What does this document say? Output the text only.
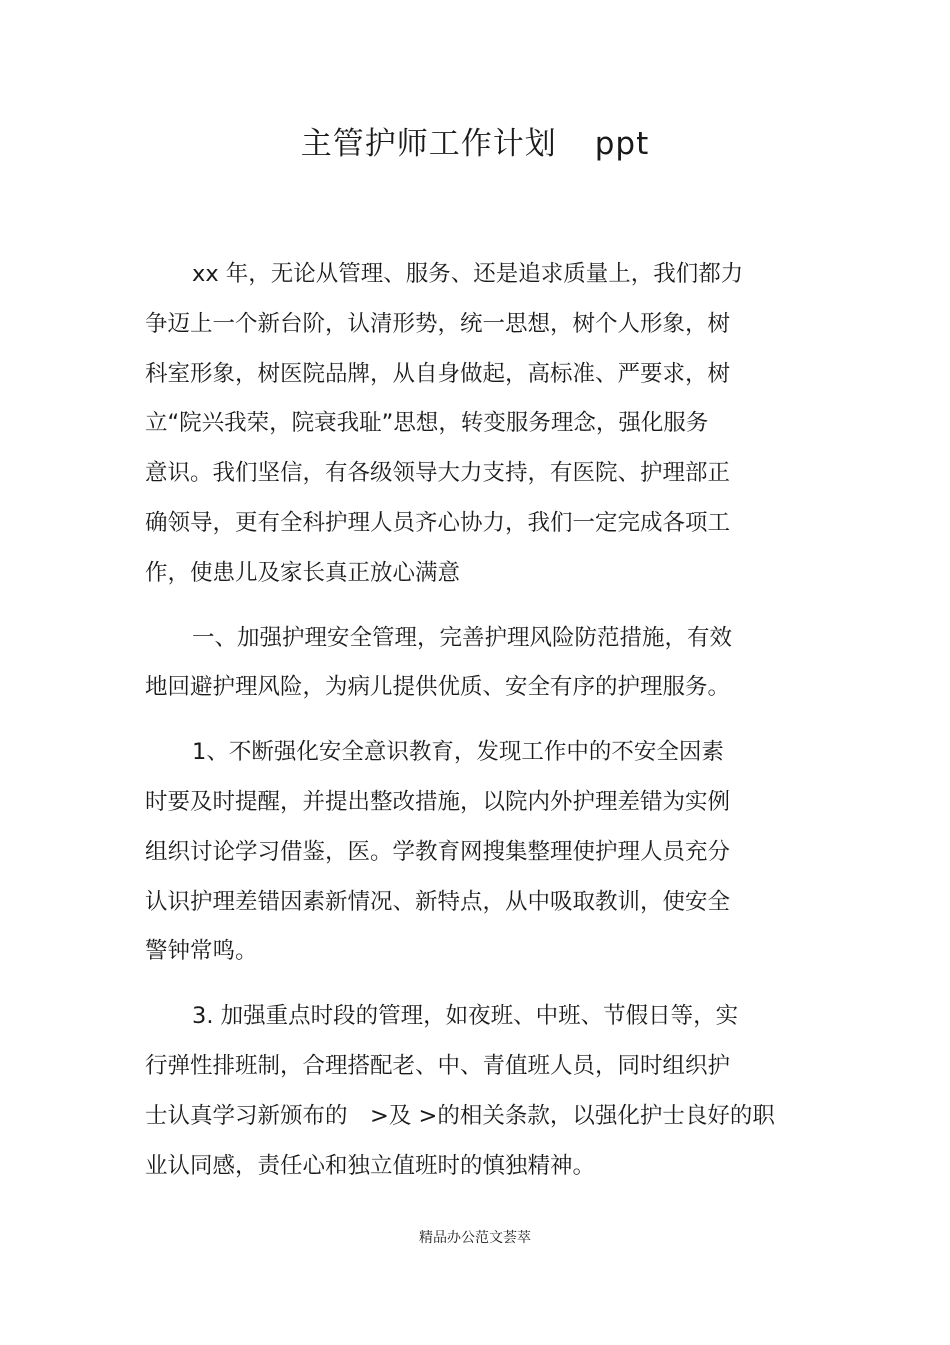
主管护师工作计划 ppt
xx 年，无论从管理、服务、还是追求质量上，我们都力
争迈上一个新台阶，认清形势，统一思想，树个人形象，树
科室形象，树医院品牌，从自身做起，高标准、严要求，树
立“院兴我荣，院衰我耻”思想，转变服务理念，强化服务
意识。我们坚信，有各级领导大力支持，有医院、护理部正
确领导，更有全科护理人员齐心协力，我们一定完成各项工
作，使患儿及家长真正放心满意
一、加强护理安全管理，完善护理风险防范措施，有效
地回避护理风险，为病儿提供优质、安全有序的护理服务。
1、不断强化安全意识教育，发现工作中的不安全因素
时要及时提醒，并提出整改措施，以院内外护理差错为实例
组织讨论学习借鉴，医。学教育网搜集整理使护理人员充分
认识护理差错因素新情况、新特点，从中吸取教训，使安全
警钟常鸣。
3. 加强重点时段的管理，如夜班、中班、节假日等，实
行弹性排班制，合理搭配老、中、青值班人员，同时组织护
士认真学习新颁布的　>及 >的相关条款，以强化护士良好的职
业认同感，责任心和独立值班时的慎独精神。
精品办公范文荟萃
